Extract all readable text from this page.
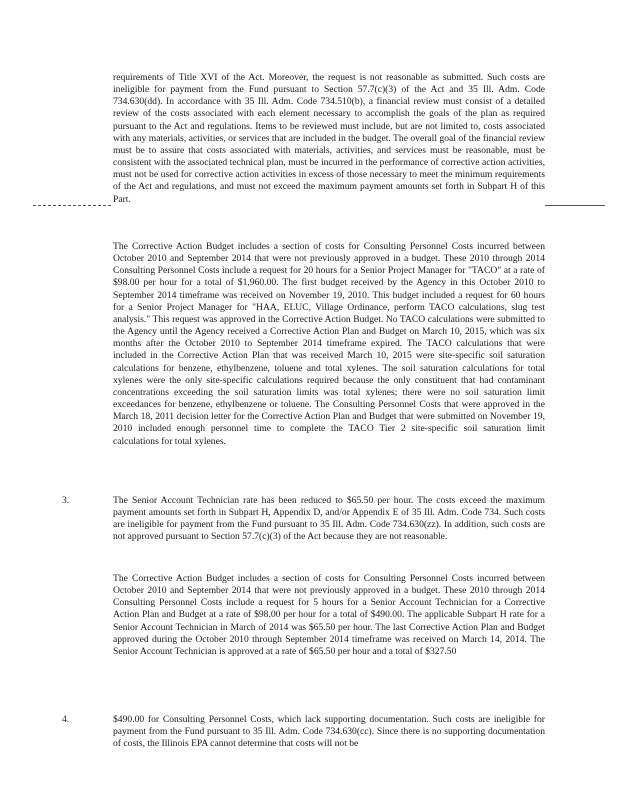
requirements of Title XVI of the Act. Moreover, the request is not reasonable as submitted. Such costs are ineligible for payment from the Fund pursuant to Section 57.7(c)(3) of the Act and 35 Ill. Adm. Code 734.630(dd). In accordance with 35 Ill. Adm. Code 734.510(b), a financial review must consist of a detailed review of the costs associated with each element necessary to accomplish the goals of the plan as required pursuant to the Act and regulations. Items to be reviewed must include, but are not limited to, costs associated with any materials, activities, or services that are included in the budget. The overall goal of the financial review must be to assure that costs associated with materials, activities, and services must be reasonable, must be consistent with the associated technical plan, must be incurred in the performance of corrective action activities, must not be used for corrective action activities in excess of those necessary to meet the minimum requirements of the Act and regulations, and must not exceed the maximum payment amounts set forth in Subpart H of this Part.

The Corrective Action Budget includes a section of costs for Consulting Personnel Costs incurred between October 2010 and September 2014 that were not previously approved in a budget. These 2010 through 2014 Consulting Personnel Costs include a request for 20 hours for a Senior Project Manager for "TACO" at a rate of $98.00 per hour for a total of $1,960.00. The first budget received by the Agency in this October 2010 to September 2014 timeframe was received on November 19, 2010. This budget included a request for 60 hours for a Senior Project Manager for "HAA, ELUC, Village Ordinance, perform TACO calculations, slug test analysis." This request was approved in the Corrective Action Budget. No TACO calculations were submitted to the Agency until the Agency received a Corrective Action Plan and Budget on March 10, 2015, which was six months after the October 2010 to September 2014 timeframe expired. The TACO calculations that were included in the Corrective Action Plan that was received March 10, 2015 were site-specific soil saturation calculations for benzene, ethylbenzene, toluene and total xylenes. The soil saturation calculations for total xylenes were the only site-specific calculations required because the only constituent that had contaminant concentrations exceeding the soil saturation limits was total xylenes; there were no soil saturation limit exceedances for benzene, ethylbenzene or toluene. The Consulting Personnel Costs that were approved in the March 18, 2011 decision letter for the Corrective Action Plan and Budget that were submitted on November 19, 2010 included enough personnel time to complete the TACO Tier 2 site-specific soil saturation limit calculations for total xylenes.

3.	The Senior Account Technician rate has been reduced to $65.50 per hour. The costs exceed the maximum payment amounts set forth in Subpart H, Appendix D, and/or Appendix E of 35 Ill. Adm. Code 734. Such costs are ineligible for payment from the Fund pursuant to 35 Ill. Adm. Code 734.630(zz). In addition, such costs are not approved pursuant to Section 57.7(c)(3) of the Act because they are not reasonable.

The Corrective Action Budget includes a section of costs for Consulting Personnel Costs incurred between October 2010 and September 2014 that were not previously approved in a budget. These 2010 through 2014 Consulting Personnel Costs include a request for 5 hours for a Senior Account Technician for a Corrective Action Plan and Budget at a rate of $98.00 per hour for a total of $490.00. The applicable Subpart H rate for a Senior Account Technician in March of 2014 was $65.50 per hour. The last Corrective Action Plan and Budget approved during the October 2010 through September 2014 timeframe was received on March 14, 2014. The Senior Account Technician is approved at a rate of $65.50 per hour and a total of $327.50

4.	$490.00 for Consulting Personnel Costs, which lack supporting documentation. Such costs are ineligible for payment from the Fund pursuant to 35 Ill. Adm. Code 734.630(cc). Since there is no supporting documentation of costs, the Illinois EPA cannot determine that costs will not be
